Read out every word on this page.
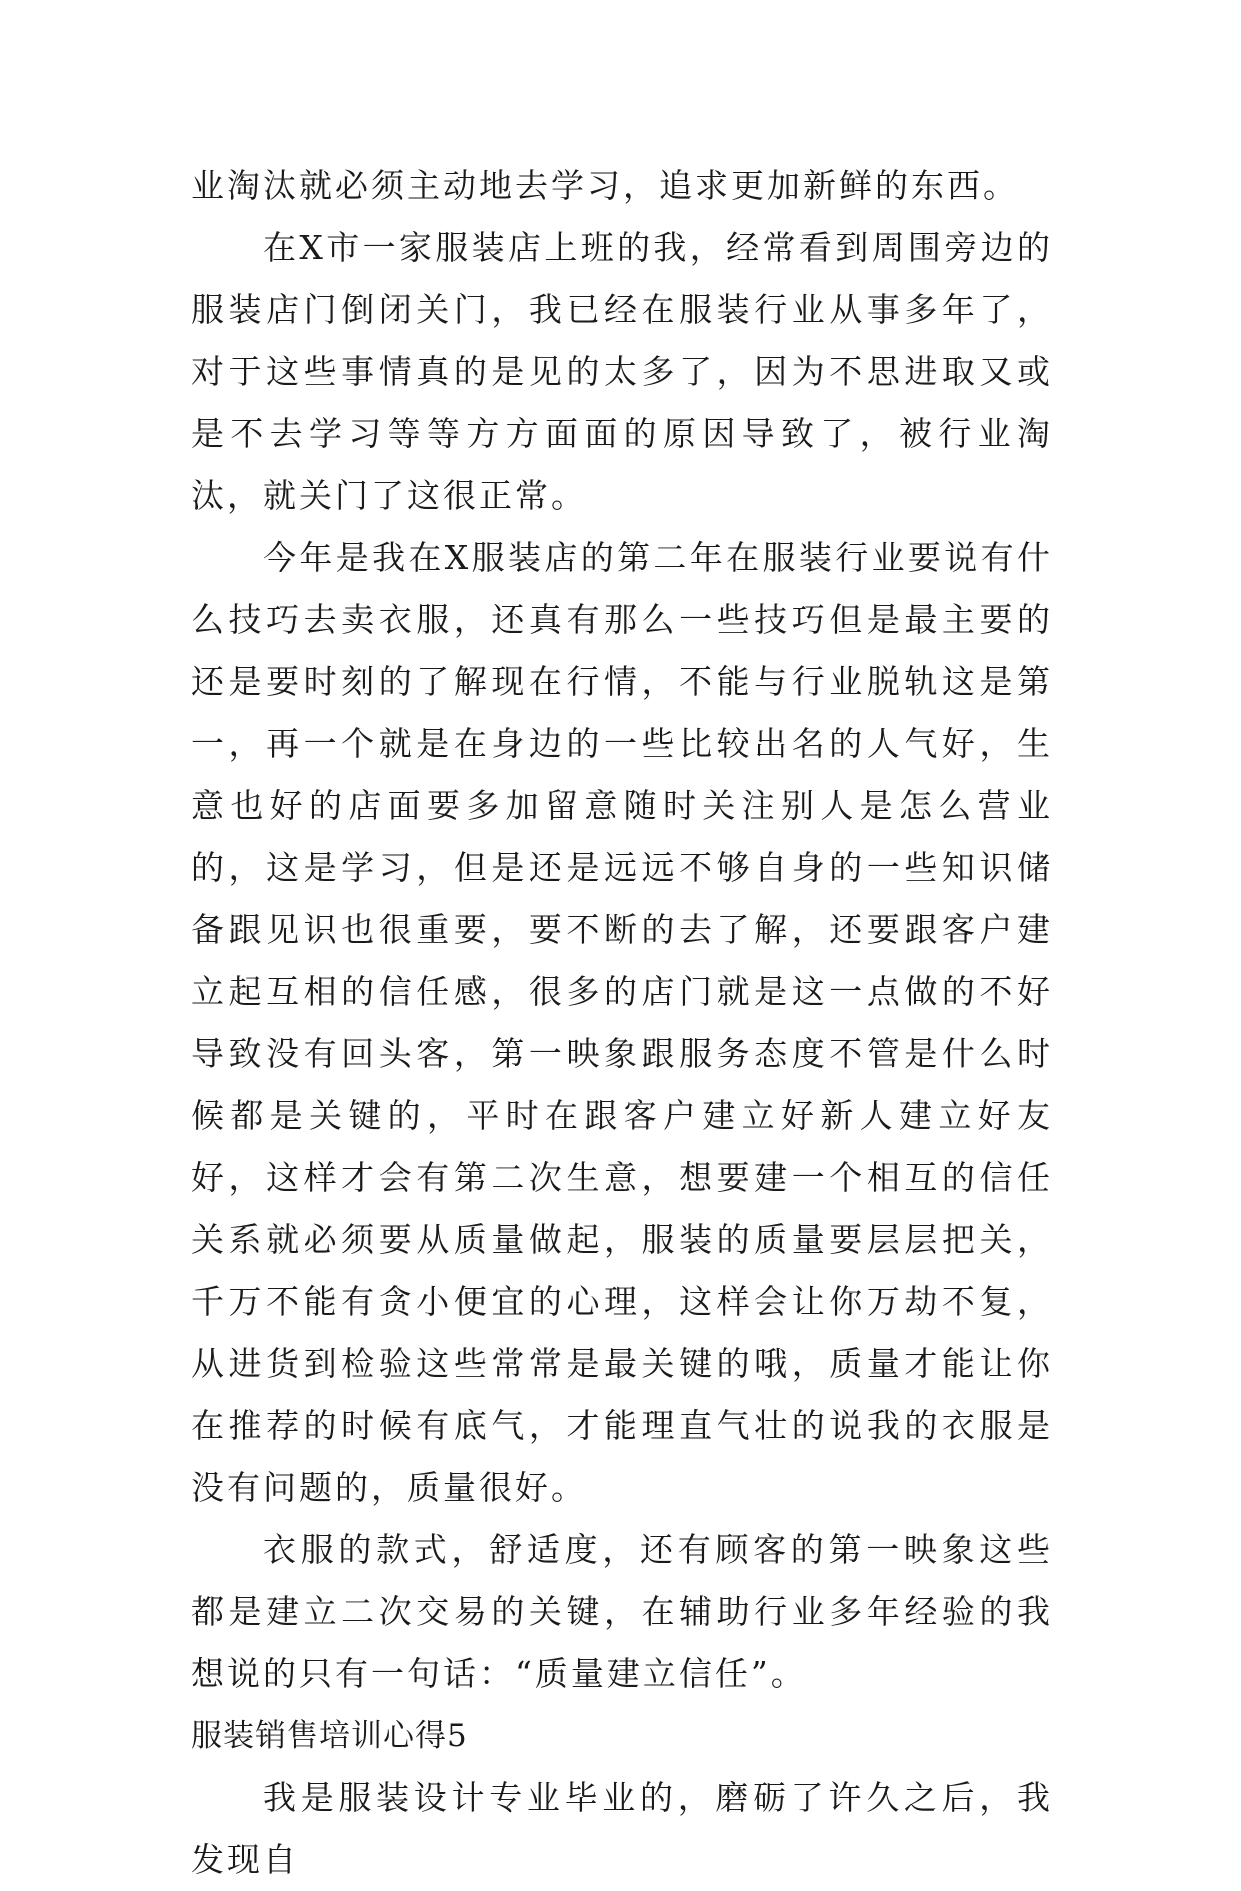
业淘汰就必须主动地去学习，追求更加新鲜的东西。

在X市一家服装店上班的我，经常看到周围旁边的服装店门倒闭关门，我已经在服装行业从事多年了，对于这些事情真的是见的太多了，因为不思进取又或是不去学习等等方方面面的原因导致了，被行业淘汰，就关门了这很正常。

今年是我在X服装店的第二年在服装行业要说有什么技巧去卖衣服，还真有那么一些技巧但是最主要的还是要时刻的了解现在行情，不能与行业脱轨这是第一，再一个就是在身边的一些比较出名的人气好，生意也好的店面要多加留意随时关注别人是怎么营业的，这是学习，但是还是远远不够自身的一些知识储备跟见识也很重要，要不断的去了解，还要跟客户建立起互相的信任感，很多的店门就是这一点做的不好导致没有回头客，第一映象跟服务态度不管是什么时候都是关键的，平时在跟客户建立好新人建立好友好，这样才会有第二次生意，想要建一个相互的信任关系就必须要从质量做起，服装的质量要层层把关，千万不能有贪小便宜的心理，这样会让你万劫不复，从进货到检验这些常常是最关键的哦，质量才能让你在推荐的时候有底气，才能理直气壮的说我的衣服是没有问题的，质量很好。

衣服的款式，舒适度，还有顾客的第一映象这些都是建立二次交易的关键，在辅助行业多年经验的我想说的只有一句话：“质量建立信任”。

服装销售培训心得5

我是服装设计专业毕业的，磨砺了许久之后，我发现自
